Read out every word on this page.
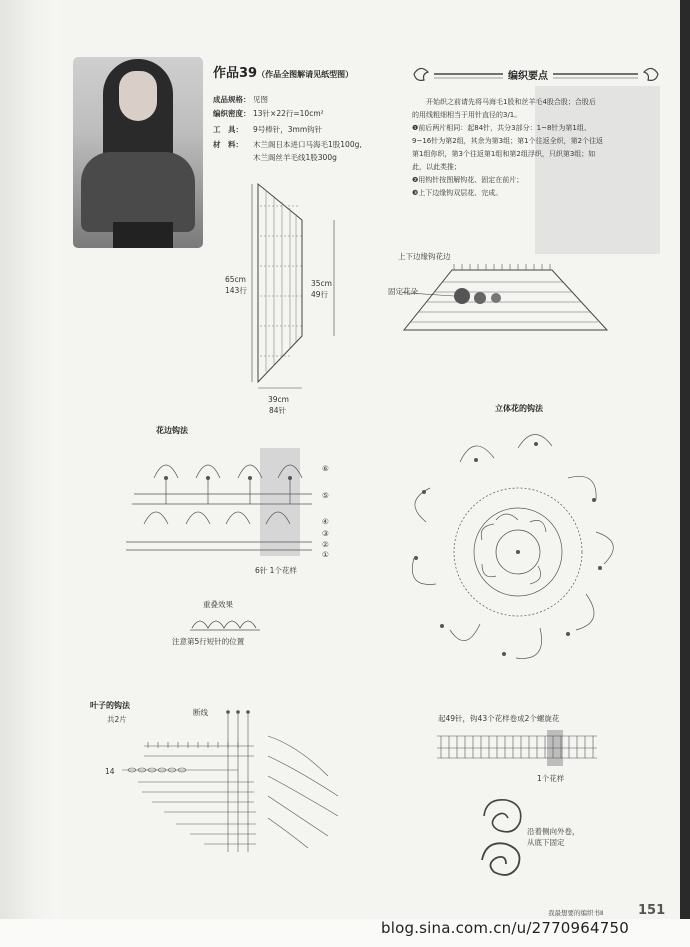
作品39（作品全图解请见纸型图）
成品规格： 见图
编织密度： 13针×22行=10cm²
工　具： 9号棒针，3mm钩针
材　料： 木兰阁日本进口马海毛1股100g,
木兰阁丝羊毛线1股300g
编织要点
　　开始织之前请先将马海毛1股和丝羊毛4股合股；合股后
的用线粗细相当于用针直径的3/1。
❶前后两片相同：起84针，共分3部分：1~8针为第1组、
9~16针为第2组，其余为第3组；第1个往返全织，第2个往返
第1组你织，第3个往返第1组和第2组浮织，只织第3组；如
此，以此类推；
❷用钩针按图解钩花、固定在前片；
❸上下边缘钩双层花、完成。
65cm
143行
35cm
49行
39cm
84针
上下边缘钩花边
固定花朵
花边钩法
⑥
⑤
④
③
②
①
6针 1个花样
重叠效果
注意第5行短针的位置
立体花的钩法
起49针，钩43个花样卷成2个螺旋花
1个花样
沿着侧向外卷，
从底下固定
叶子的钩法
共2片
断线
14
我最想要的编织书Ⅱ	151
blog.sina.com.cn/u/2770964750
